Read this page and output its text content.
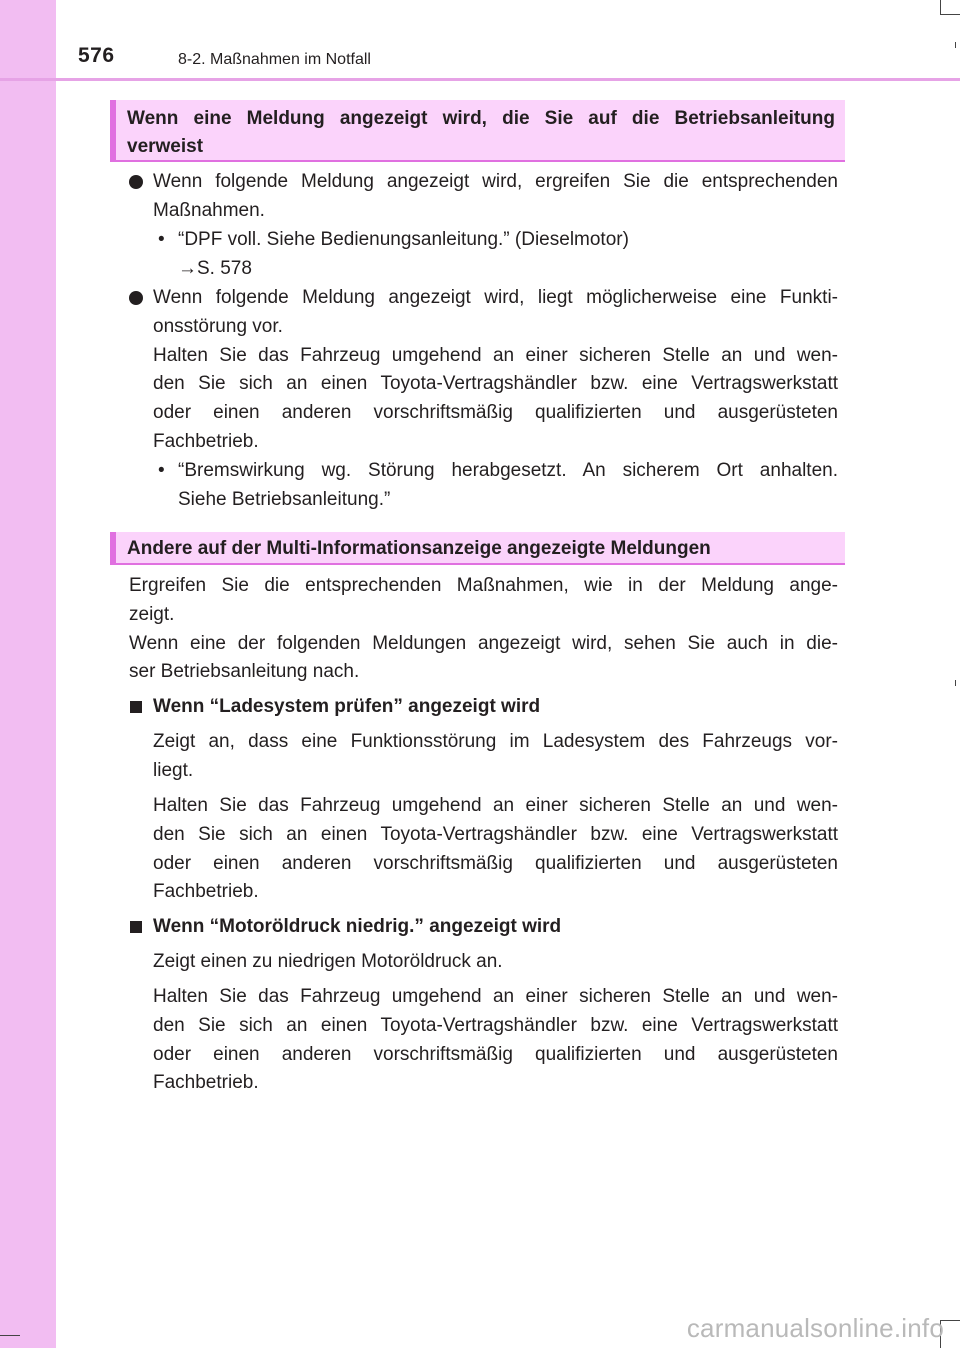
576	8-2. Maßnahmen im Notfall
Wenn eine Meldung angezeigt wird, die Sie auf die Betriebsanleitung
verweist
Wenn folgende Meldung angezeigt wird, ergreifen Sie die entsprechenden
Maßnahmen.
• “DPF voll. Siehe Bedienungsanleitung.” (Dieselmotor)
→S. 578
Wenn folgende Meldung angezeigt wird, liegt möglicherweise eine Funkti-
onsstörung vor.
Halten Sie das Fahrzeug umgehend an einer sicheren Stelle an und wen-
den Sie sich an einen Toyota-Vertragshändler bzw. eine Vertragswerkstatt
oder einen anderen vorschriftsmäßig qualifizierten und ausgerüsteten
Fachbetrieb.
• “Bremswirkung wg. Störung herabgesetzt. An sicherem Ort anhalten.
Siehe Betriebsanleitung.”
Andere auf der Multi-Informationsanzeige angezeigte Meldungen
Ergreifen Sie die entsprechenden Maßnahmen, wie in der Meldung ange-
zeigt.
Wenn eine der folgenden Meldungen angezeigt wird, sehen Sie auch in die-
ser Betriebsanleitung nach.
Wenn “Ladesystem prüfen” angezeigt wird
Zeigt an, dass eine Funktionsstörung im Ladesystem des Fahrzeugs vor-
liegt.
Halten Sie das Fahrzeug umgehend an einer sicheren Stelle an und wen-
den Sie sich an einen Toyota-Vertragshändler bzw. eine Vertragswerkstatt
oder einen anderen vorschriftsmäßig qualifizierten und ausgerüsteten
Fachbetrieb.
Wenn “Motoröldruck niedrig.” angezeigt wird
Zeigt einen zu niedrigen Motoröldruck an.
Halten Sie das Fahrzeug umgehend an einer sicheren Stelle an und wen-
den Sie sich an einen Toyota-Vertragshändler bzw. eine Vertragswerkstatt
oder einen anderen vorschriftsmäßig qualifizierten und ausgerüsteten
Fachbetrieb.
carmanualsonline.info
